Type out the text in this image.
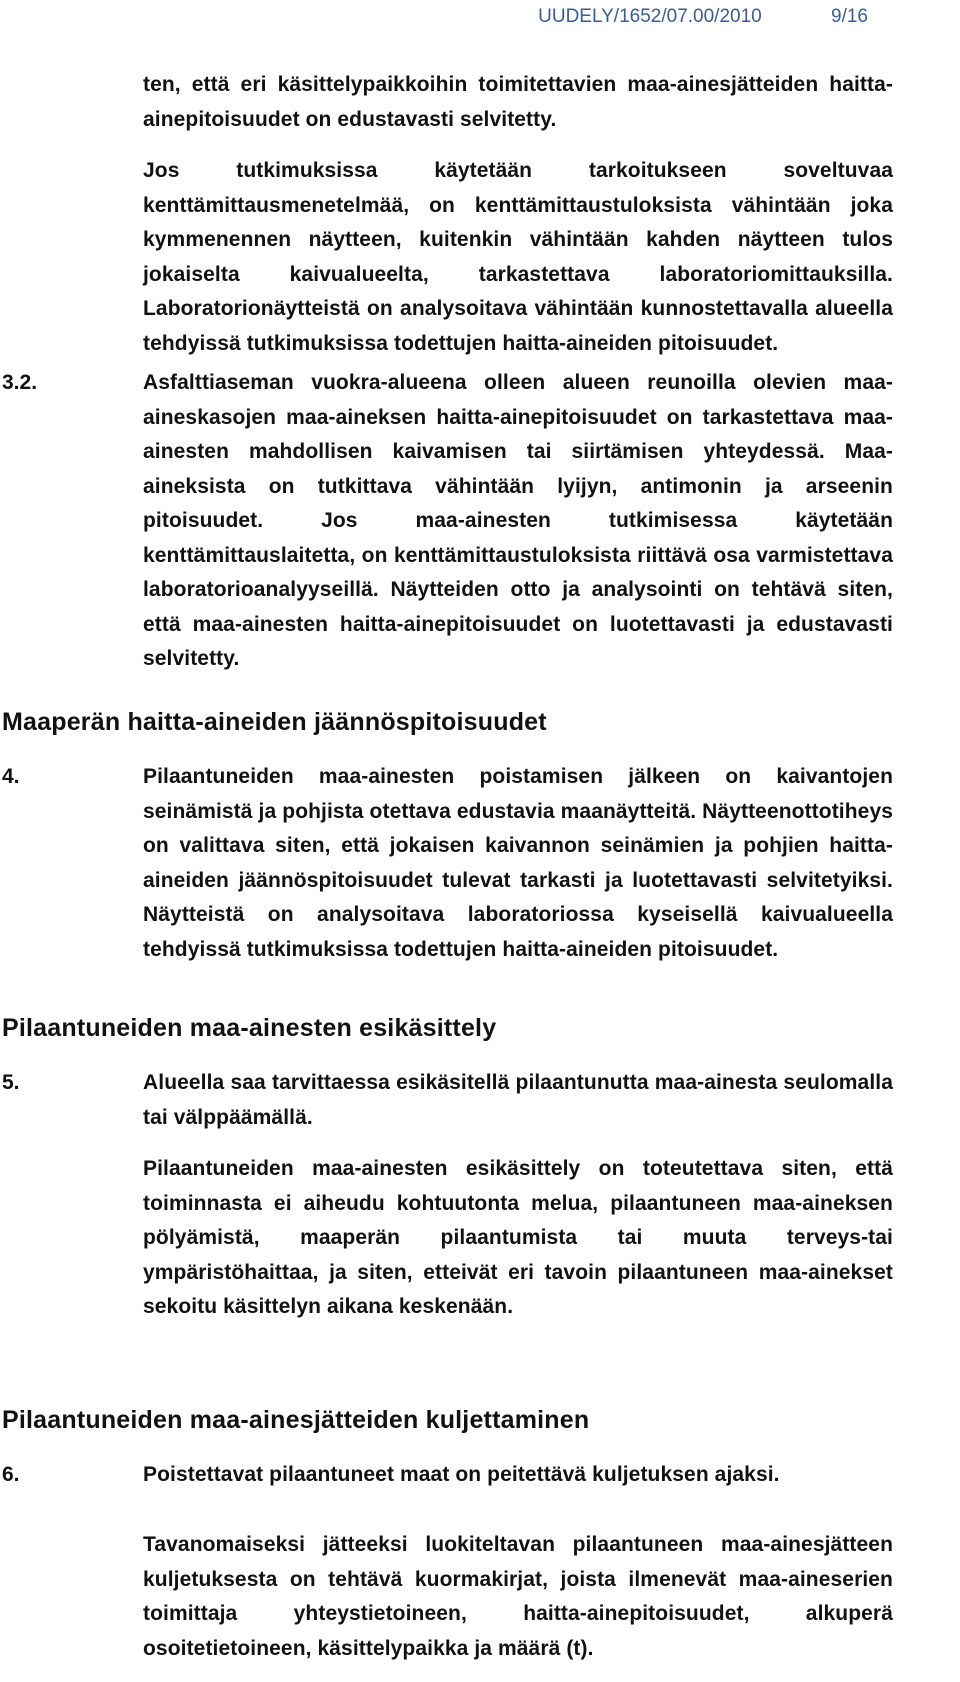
UUDELY/1652/07.00/2010	9/16
ten, että eri käsittelypaikkoihin toimitettavien maa-ainesjätteiden haitta-ainepitoisuudet on edustavasti selvitetty.
Jos tutkimuksissa käytetään tarkoitukseen soveltuvaa kenttämittausmenetelmää, on kenttämittaustuloksista vähintään joka kymmenennen näytteen, kuitenkin vähintään kahden näytteen tulos jokaiselta kaivualueelta, tarkastettava laboratoriomittauksilla. Laboratorionäytteistä on analysoitava vähintään kunnostettavalla alueella tehdyissä tutkimuksissa todettujen haitta-aineiden pitoisuudet.
3.2.	Asfalttiaseman vuokra-alueena olleen alueen reunoilla olevien maa-aineskasojen maa-aineksen haitta-ainepitoisuudet on tarkastettava maa-ainesten mahdollisen kaivamisen tai siirtämisen yhteydessä. Maa-aineksista on tutkittava vähintään lyijyn, antimonin ja arseenin pitoisuudet. Jos maa-ainesten tutkimisessa käytetään kenttämittauslaitetta, on kenttämittaustuloksista riittävä osa varmistettava laboratorioanalyyseillä. Näytteiden otto ja analysointi on tehtävä siten, että maa-ainesten haitta-ainepitoisuudet on luotettavasti ja edustavasti selvitetty.
Maaperän haitta-aineiden jäännöspitoisuudet
4.	Pilaantuneiden maa-ainesten poistamisen jälkeen on kaivantojen seinämistä ja pohjista otettava edustavia maanäytteitä. Näytteenottotiheys on valittava siten, että jokaisen kaivannon seinämien ja pohjien haitta-aineiden jäännöspitoisuudet tulevat tarkasti ja luotettavasti selvitetyiksi. Näytteistä on analysoitava laboratoriossa kyseisellä kaivualueella tehdyissä tutkimuksissa todettujen haitta-aineiden pitoisuudet.
Pilaantuneiden maa-ainesten esikäsittely
5.	Alueella saa tarvittaessa esikäsitellä pilaantunutta maa-ainesta seulomalla tai välppäämällä.
Pilaantuneiden maa-ainesten esikäsittely on toteutettava siten, että toiminnasta ei aiheudu kohtuutonta melua, pilaantuneen maa-aineksen pölyämistä, maaperän pilaantumista tai muuta terveys-tai ympäristöhaittaa, ja siten, etteivät eri tavoin pilaantuneen maa-ainekset sekoitu käsittelyn aikana keskenään.
Pilaantuneiden maa-ainesjätteiden kuljettaminen
6.	Poistettavat pilaantuneet maat on peitettävä kuljetuksen ajaksi.
Tavanomaiseksi jätteeksi luokiteltavan pilaantuneen maa-ainesjätteen kuljetuksesta on tehtävä kuormakirjat, joista ilmenevät maa-aineserien toimittaja yhteystietoineen, haitta-ainepitoisuudet, alkuperä osoitetietoineen, käsittelypaikka ja määrä (t).
